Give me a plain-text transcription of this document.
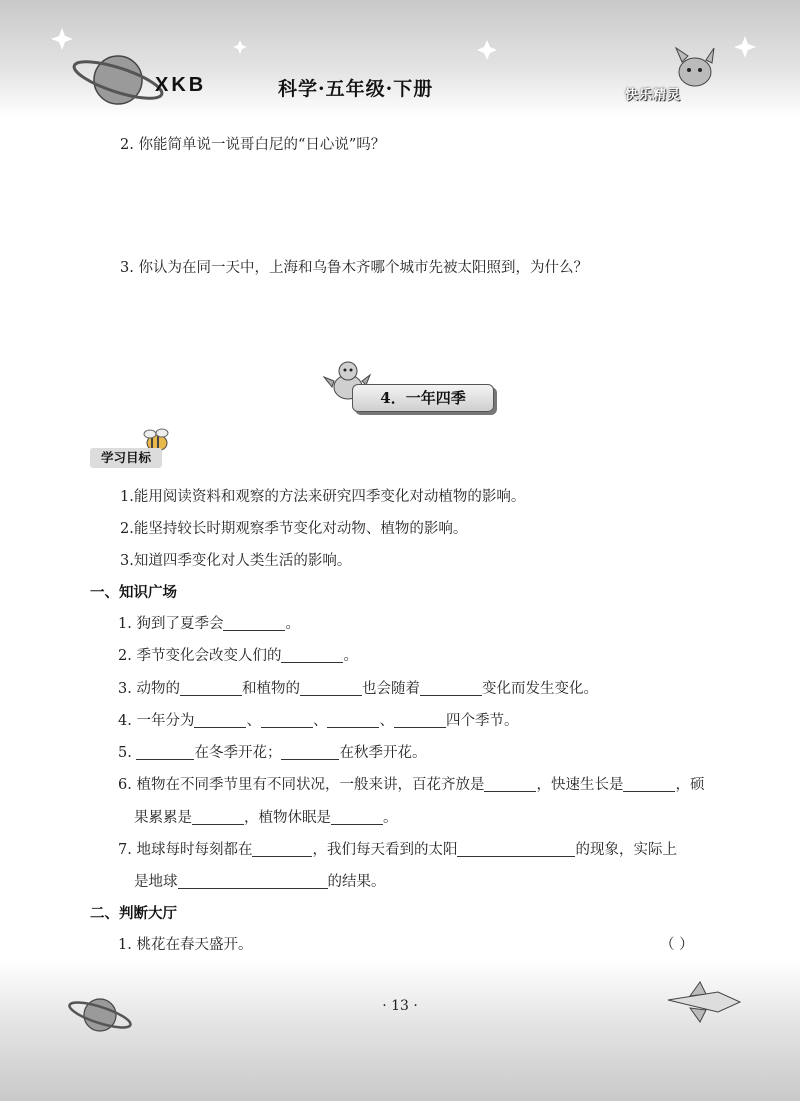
XKB	科学·五年级·下册	快乐精灵
2. 你能简单说一说哥白尼的“日心说”吗？
3. 你认为在同一天中，上海和乌鲁木齐哪个城市先被太阳照到，为什么？
4．一年四季
学习目标
1.能用阅读资料和观察的方法来研究四季变化对动植物的影响。
2.能坚持较长时期观察季节变化对动物、植物的影响。
3.知道四季变化对人类生活的影响。
一、知识广场
1. 狗到了夏季会	。
2. 季节变化会改变人们的	。
3. 动物的	和植物的	也会随着	变化而发生变化。
4. 一年分为	、	、	、	四个季节。
5.	在冬季开花；	在秋季开花。
6. 植物在不同季节里有不同状况，一般来讲，百花齐放是	，快速生长是	，硕
果累累是	，植物休眠是	。
7. 地球每时每刻都在	，我们每天看到的太阳	的现象，实际上
是地球	的结果。
二、判断大厅
1. 桃花在春天盛开。	（ ）
· 13 ·
